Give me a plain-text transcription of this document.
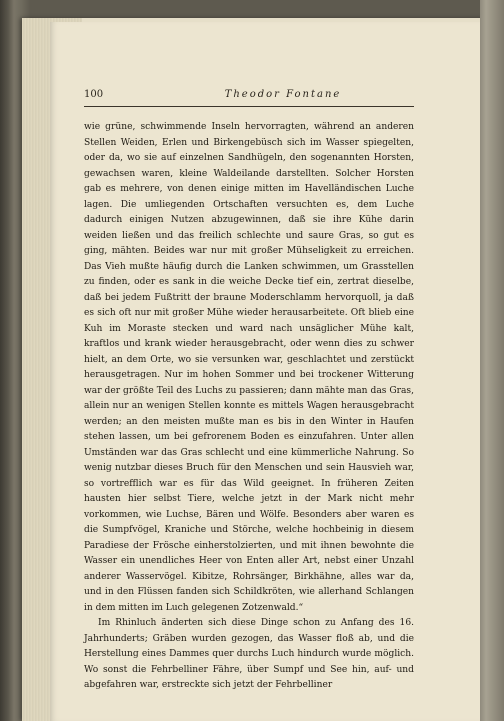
100	Theodor Fontane

wie grüne, schwimmende Inseln hervorragten, während an anderen Stellen Weiden, Erlen und Birkengebüsch sich im Wasser spiegelten, oder da, wo sie auf einzelnen Sandhügeln, den sogenannten Horsten, gewachsen waren, kleine Waldeilande darstellten. Solcher Horsten gab es mehrere, von denen einige mitten im Havelländischen Luche lagen. Die umliegenden Ortschaften versuchten es, dem Luche dadurch einigen Nutzen abzugewinnen, daß sie ihre Kühe darin weiden ließen und das freilich schlechte und saure Gras, so gut es ging, mähten. Beides war nur mit großer Mühseligkeit zu erreichen. Das Vieh mußte häufig durch die Lanken schwimmen, um Grasstellen zu finden, oder es sank in die weiche Decke tief ein, zertrat dieselbe, daß bei jedem Fußtritt der braune Moderschlamm hervorquoll, ja daß es sich oft nur mit großer Mühe wieder herausarbeitete. Oft blieb eine Kuh im Moraste stecken und ward nach unsäglicher Mühe kalt, kraftlos und krank wieder herausgebracht, oder wenn dies zu schwer hielt, an dem Orte, wo sie versunken war, geschlachtet und zerstückt herausgetragen. Nur im hohen Sommer und bei trockener Witterung war der größte Teil des Luchs zu passieren; dann mähte man das Gras, allein nur an wenigen Stellen konnte es mittels Wagen herausgebracht werden; an den meisten mußte man es bis in den Winter in Haufen stehen lassen, um bei gefrorenem Boden es einzufahren. Unter allen Umständen war das Gras schlecht und eine kümmerliche Nahrung. So wenig nutzbar dieses Bruch für den Menschen und sein Hausvieh war, so vortrefflich war es für das Wild geeignet. In früheren Zeiten hausten hier selbst Tiere, welche jetzt in der Mark nicht mehr vorkommen, wie Luchse, Bären und Wölfe. Besonders aber waren es die Sumpfvögel, Kraniche und Störche, welche hochbeinig in diesem Paradiese der Frösche einherstolzierten, und mit ihnen bewohnte die Wasser ein unendliches Heer von Enten aller Art, nebst einer Unzahl anderer Wasservögel. Kibitze, Rohrsänger, Birkhähne, alles war da, und in den Flüssen fanden sich Schildkröten, wie allerhand Schlangen in dem mitten im Luch gelegenen Zotzenwald.“

Im Rhinluch änderten sich diese Dinge schon zu Anfang des 16. Jahrhunderts; Gräben wurden gezogen, das Wasser floß ab, und die Herstellung eines Dammes quer durchs Luch hindurch wurde möglich. Wo sonst die Fehrbelliner Fähre, über Sumpf und See hin, auf- und abgefahren war, erstreckte sich jetzt der Fehrbelliner
